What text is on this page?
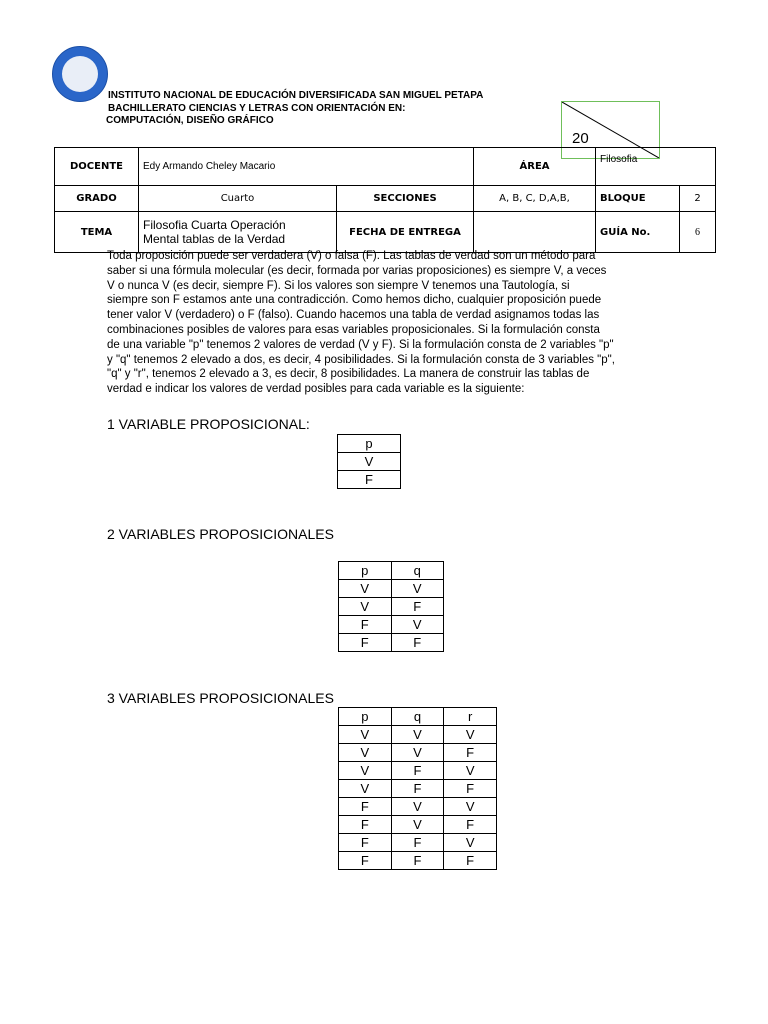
INSTITUTO NACIONAL DE EDUCACIÓN DIVERSIFICADA SAN MIGUEL PETAPA
BACHILLERATO CIENCIAS Y LETRAS CON ORIENTACIÓN EN:
COMPUTACIÓN, DISEÑO GRÁFICO
20
DOCENTE	Edy Armando Cheley Macario		ÁREA	Filosofia	
GRADO	Cuarto	SECCIONES	A, B, C, D,A,B,	BLOQUE	2
TEMA	Filosofia Cuarta Operación
Mental tablas de la Verdad	FECHA DE ENTREGA		GUÍA No.	6
Toda proposición puede ser verdadera (V) o falsa (F). Las tablas de verdad son un método para
saber si una fórmula molecular (es decir, formada por varias proposiciones) es siempre V, a veces
V o nunca V (es decir, siempre F). Si los valores son siempre V tenemos una Tautología, si
siempre son F estamos ante una contradicción. Como hemos dicho, cualquier proposición puede
tener valor V (verdadero) o F (falso). Cuando hacemos una tabla de verdad asignamos todas las
combinaciones posibles de valores para esas variables proposicionales. Si la formulación consta
de una variable "p" tenemos 2 valores de verdad (V y F). Si la formulación consta de 2 variables "p"
y "q" tenemos 2 elevado a dos, es decir, 4 posibilidades. Si la formulación consta de 3 variables "p",
"q" y "r", tenemos 2 elevado a 3, es decir, 8 posibilidades. La manera de construir las tablas de
verdad e indicar los valores de verdad posibles para cada variable es la siguiente:
1 VARIABLE PROPOSICIONAL:
p
V
F
2 VARIABLES PROPOSICIONALES
p	q
V	V
V	F
F	V
F	F
3 VARIABLES PROPOSICIONALES
p	q	r
V	V	V
V	V	F
V	F	V
V	F	F
F	V	V
F	V	F
F	F	V
F	F	F
